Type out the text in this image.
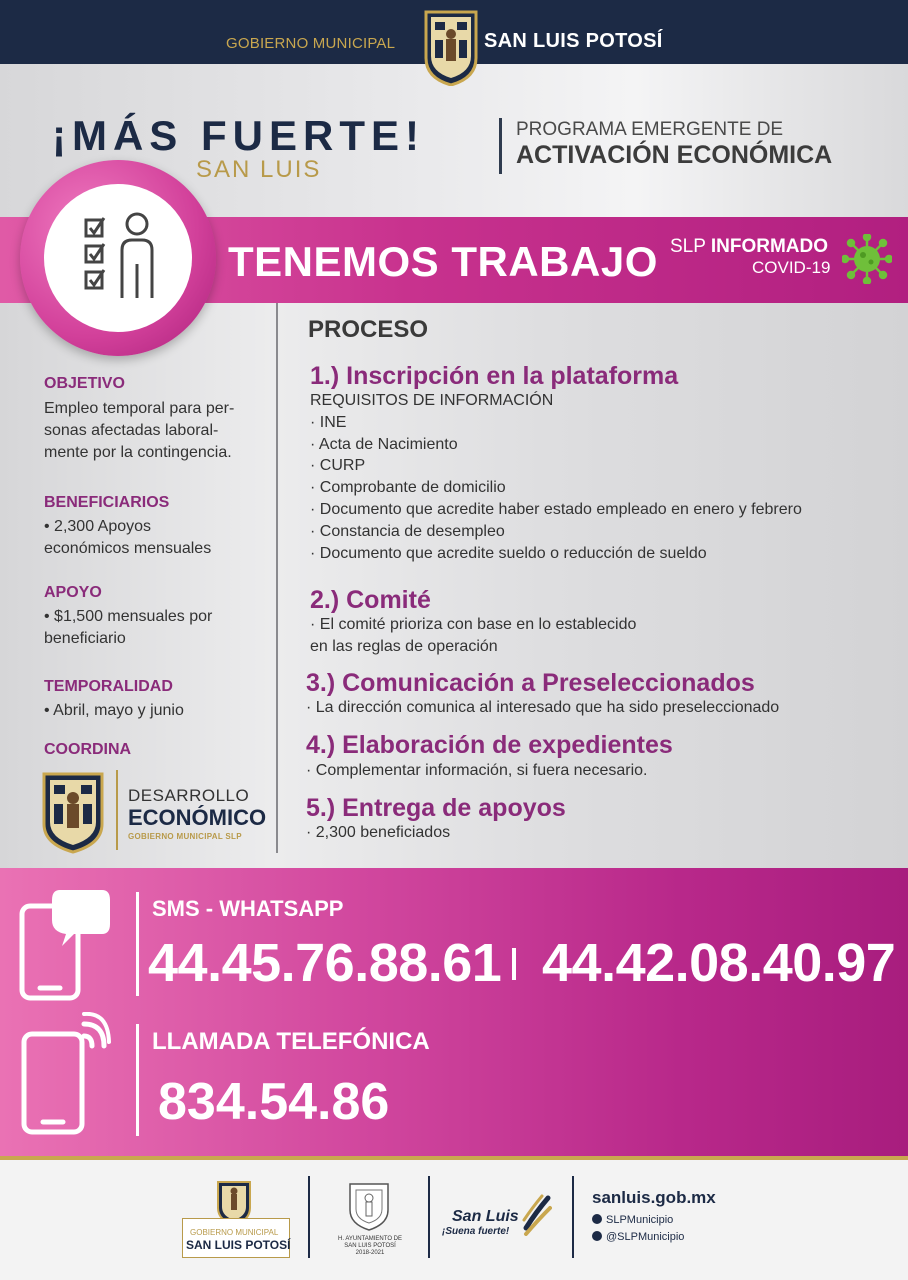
GOBIERNO MUNICIPAL	SAN LUIS POTOSÍ
¡MÁS FUERTE!
SAN LUIS
PROGRAMA EMERGENTE DE
ACTIVACIÓN ECONÓMICA
TENEMOS TRABAJO SLP INFORMADO
COVID-19
OBJETIVO
Empleo temporal para per-
sonas afectadas laboral-
mente por la contingencia.
BENEFICIARIOS
• 2,300 Apoyos
económicos mensuales
APOYO
• $1,500 mensuales por
beneficiario
TEMPORALIDAD
• Abril, mayo y junio
COORDINA
DESARROLLO
ECONÓMICO
GOBIERNO MUNICIPAL SLP
PROCESO
1.) Inscripción en la plataforma
REQUISITOS DE INFORMACIÓN
· INE
· Acta de Nacimiento
· CURP
· Comprobante de domicilio
· Documento que acredite haber estado empleado en enero y febrero
· Constancia de desempleo
· Documento que acredite sueldo o reducción de sueldo
2.) Comité
· El comité prioriza con base en lo establecido
en las reglas de operación
3.) Comunicación a Preseleccionados
· La dirección comunica al interesado que ha sido preseleccionado
4.) Elaboración de expedientes
· Complementar información, si fuera necesario.
5.) Entrega de apoyos
· 2,300 beneficiados
SMS - WHATSAPP
44.45.76.88.61 44.42.08.40.97
LLAMADA TELEFÓNICA
834.54.86
GOBIERNO MUNICIPAL
SAN LUIS POTOSÍ	H. AYUNTAMIENTO DE
SAN LUIS POTOSÍ
2018-2021
San Luis
¡Suena fuerte!
sanluis.gob.mx
SLPMunicipio
@SLPMunicipio
